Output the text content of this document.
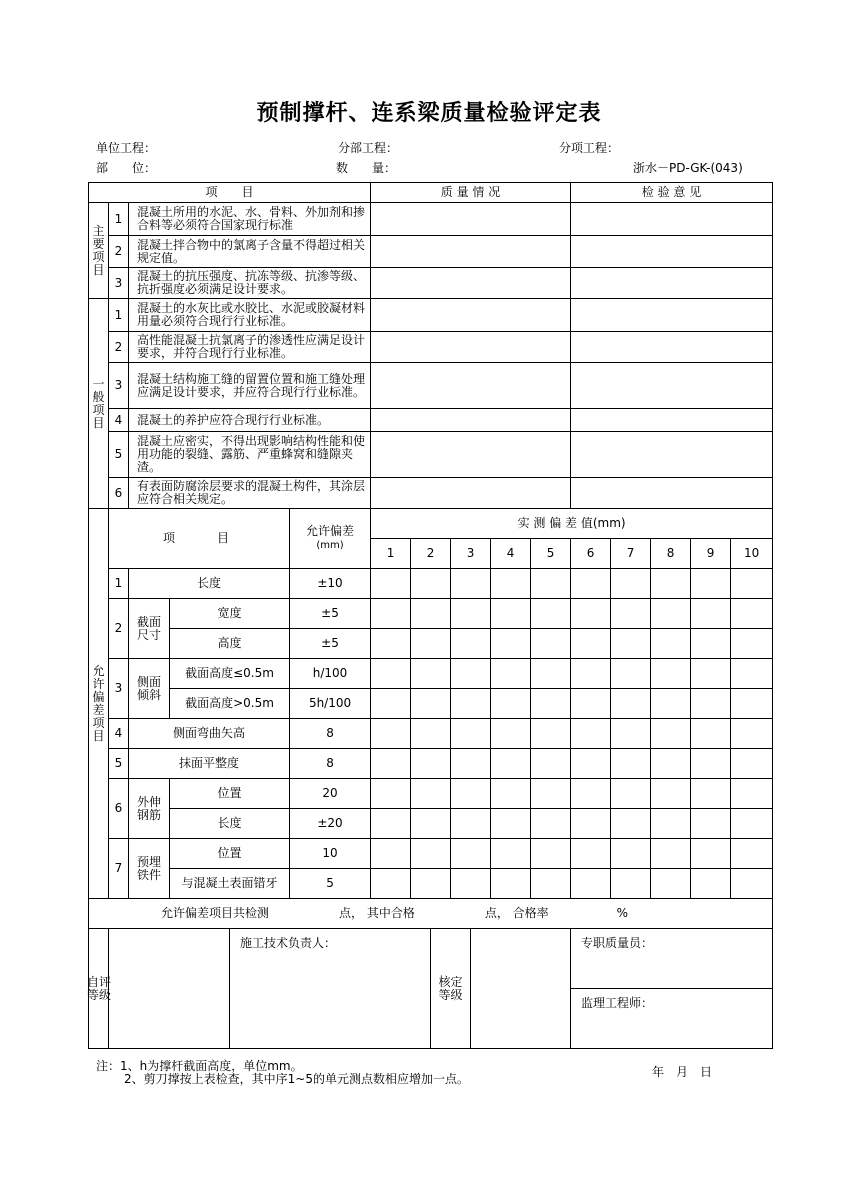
预制撑杆、连系梁质量检验评定表
单位工程：	分部工程：	分项工程：
部　　位：	数　　量：	浙水－PD-GK-(043)
项　　目			质 量 情 况	检 验 意 见

主要项目	1	混凝土所用的水泥、水、骨料、外加剂和掺合料等必须符合国家现行标准		
	2	混凝土拌合物中的氯离子含量不得超过相关规定值。		
	3	混凝土的抗压强度、抗冻等级、抗渗等级、抗折强度必须满足设计要求。		

一般项目	1	混凝土的水灰比或水胶比、水泥或胶凝材料用量必须符合现行行业标准。		
	2	高性能混凝土抗氯离子的渗透性应满足设计要求，并符合现行行业标准。		
	3	混凝土结构施工缝的留置位置和施工缝处理应满足设计要求，并应符合现行行业标准。		
	4	混凝土的养护应符合现行行业标准。		
	5	混凝土应密实，不得出现影响结构性能和使用功能的裂缝、露筋、严重蜂窝和缝隙夹渣。		
	6	有表面防腐涂层要求的混凝土构件，其涂层应符合相关规定。		
允许偏差项目	项　　目			允许偏差
(mm)	实 测 偏 差 值(mm)									
					1	2	3	4	5	6	7	8	9	10
	1	长度		±10										
	2	截面尺寸	宽度	±5										
			高度	±5										
	3	侧面倾斜	截面高度≤0.5m	h/100										
			截面高度>0.5m	5h/100										
	4	侧面弯曲矢高		8										
	5	抹面平整度		8										
	6	外伸钢筋	位置	20										
			长度	±20										
	7	预埋铁件	位置	10										
			与混凝土表面错牙	5										
允许偏差项目共检测	点， 其中合格	点， 合格率	%

自评等级
		施工技术负责人：	
核定等级
		专职质量员：
监理工程师：
注：1、h为撑杆截面高度，单位mm。
2、剪刀撑按上表检查，其中序1~5的单元测点数相应增加一点。	年　月　日
